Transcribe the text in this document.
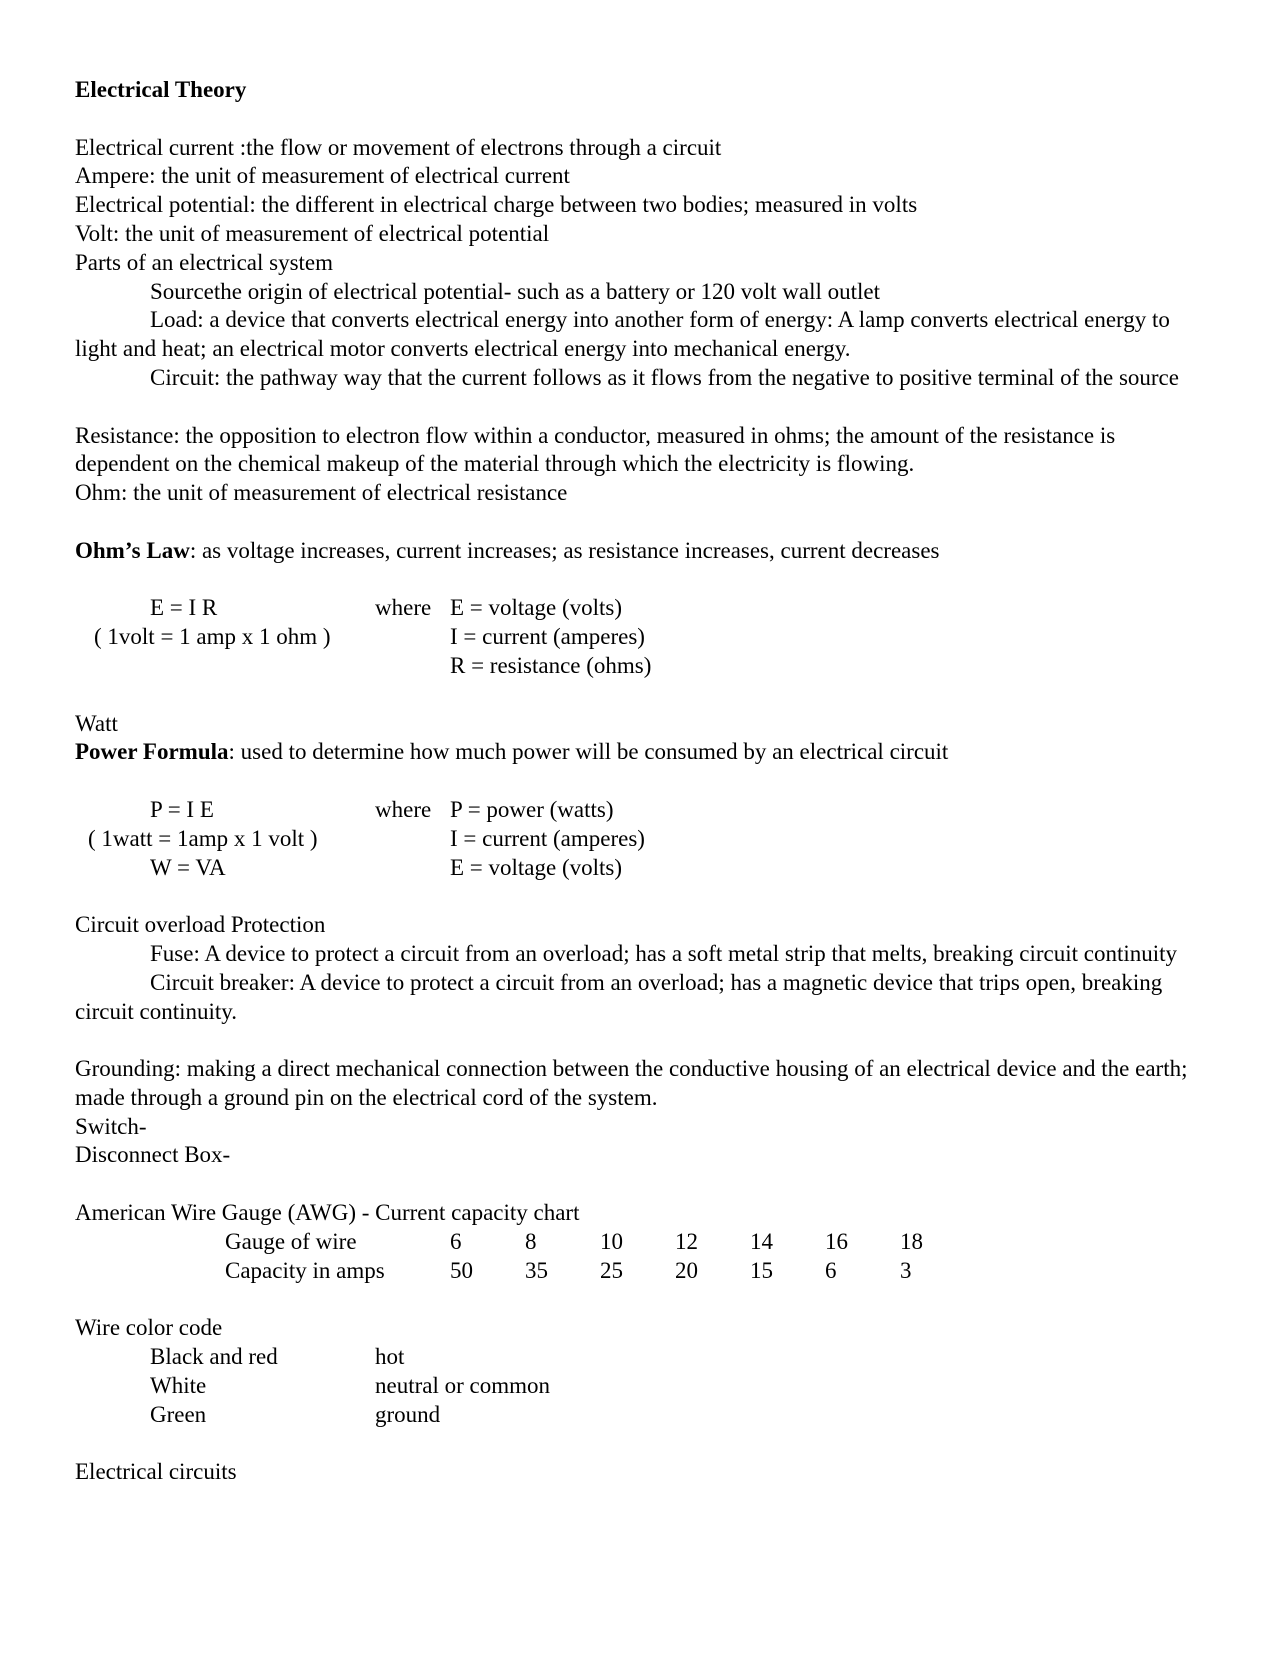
Electrical Theory
Electrical current :the flow or movement of electrons through a circuit
Ampere: the unit of measurement of electrical current
Electrical potential: the different in electrical charge between two bodies; measured in volts
Volt: the unit of measurement of electrical potential
Parts of an electrical system
Sourcethe origin of electrical potential- such as a battery or 120 volt wall outlet
Load: a device that converts electrical energy into another form of energy: A lamp converts electrical energy to light and heat; an electrical motor converts electrical energy into mechanical energy.
Circuit: the pathway way that the current follows as it flows from the negative to positive terminal of the source
Resistance: the opposition to electron flow within a conductor, measured in ohms; the amount of the resistance is dependent on the chemical makeup of the material through which the electricity is flowing.
Ohm: the unit of measurement of electrical resistance
Ohm’s Law: as voltage increases, current increases; as resistance increases, current decreases
E = I R
( 1volt = 1 amp x 1 ohm )
where E = voltage (volts)
I = current (amperes)
R = resistance (ohms)
Watt
Power Formula: used to determine how much power will be consumed by an electrical circuit
P = I E
( 1watt = 1amp x 1 volt )
W = VA
where P = power (watts)
I = current (amperes)
E = voltage (volts)
Circuit overload Protection
Fuse: A device to protect a circuit from an overload; has a soft metal strip that melts, breaking circuit continuity
Circuit breaker: A device to protect a circuit from an overload; has a magnetic device that trips open, breaking circuit continuity.
Grounding: making a direct mechanical connection between the conductive housing of an electrical device and the earth; made through a ground pin on the electrical cord of the system.
Switch-
Disconnect Box-
American Wire Gauge (AWG) - Current capacity chart
Gauge of wire	6	8	10 12 14 16 18
Capacity in amps	50 35 25 20 15 6	3
Wire color code
Black and red	hot
White	neutral or common
Green	ground
Electrical circuits
